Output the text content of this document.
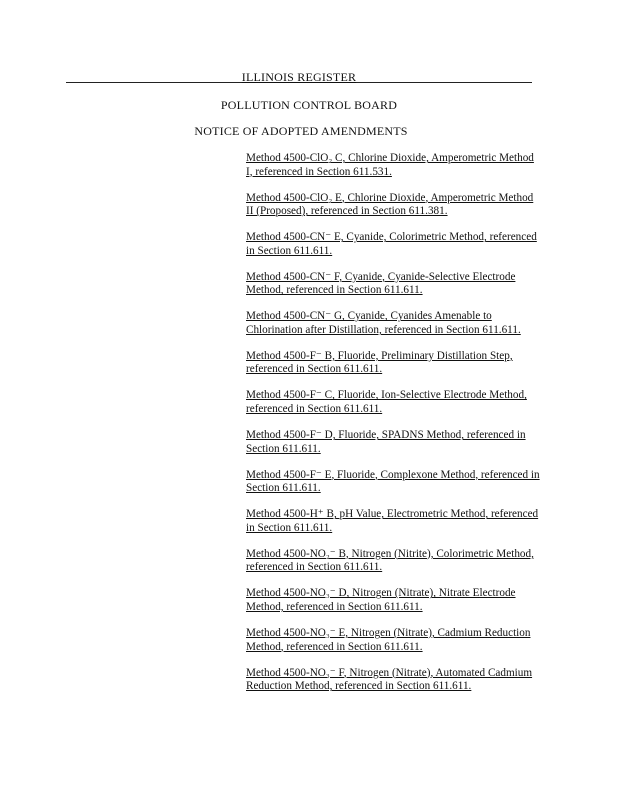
ILLINOIS REGISTER
POLLUTION CONTROL BOARD
NOTICE OF ADOPTED AMENDMENTS

Method 4500-ClO₂ C, Chlorine Dioxide, Amperometric Method I, referenced in Section 611.531.

Method 4500-ClO₂ E, Chlorine Dioxide, Amperometric Method II (Proposed), referenced in Section 611.381.

Method 4500-CN⁻ E, Cyanide, Colorimetric Method, referenced in Section 611.611.

Method 4500-CN⁻ F, Cyanide, Cyanide-Selective Electrode Method, referenced in Section 611.611.

Method 4500-CN⁻ G, Cyanide, Cyanides Amenable to Chlorination after Distillation, referenced in Section 611.611.

Method 4500-F⁻ B, Fluoride, Preliminary Distillation Step, referenced in Section 611.611.

Method 4500-F⁻ C, Fluoride, Ion-Selective Electrode Method, referenced in Section 611.611.

Method 4500-F⁻ D, Fluoride, SPADNS Method, referenced in Section 611.611.

Method 4500-F⁻ E, Fluoride, Complexone Method, referenced in Section 611.611.

Method 4500-H⁺ B, pH Value, Electrometric Method, referenced in Section 611.611.

Method 4500-NO₂⁻ B, Nitrogen (Nitrite), Colorimetric Method, referenced in Section 611.611.

Method 4500-NO₃⁻ D, Nitrogen (Nitrate), Nitrate Electrode Method, referenced in Section 611.611.

Method 4500-NO₃⁻ E, Nitrogen (Nitrate), Cadmium Reduction Method, referenced in Section 611.611.

Method 4500-NO₃⁻ F, Nitrogen (Nitrate), Automated Cadmium Reduction Method, referenced in Section 611.611.
